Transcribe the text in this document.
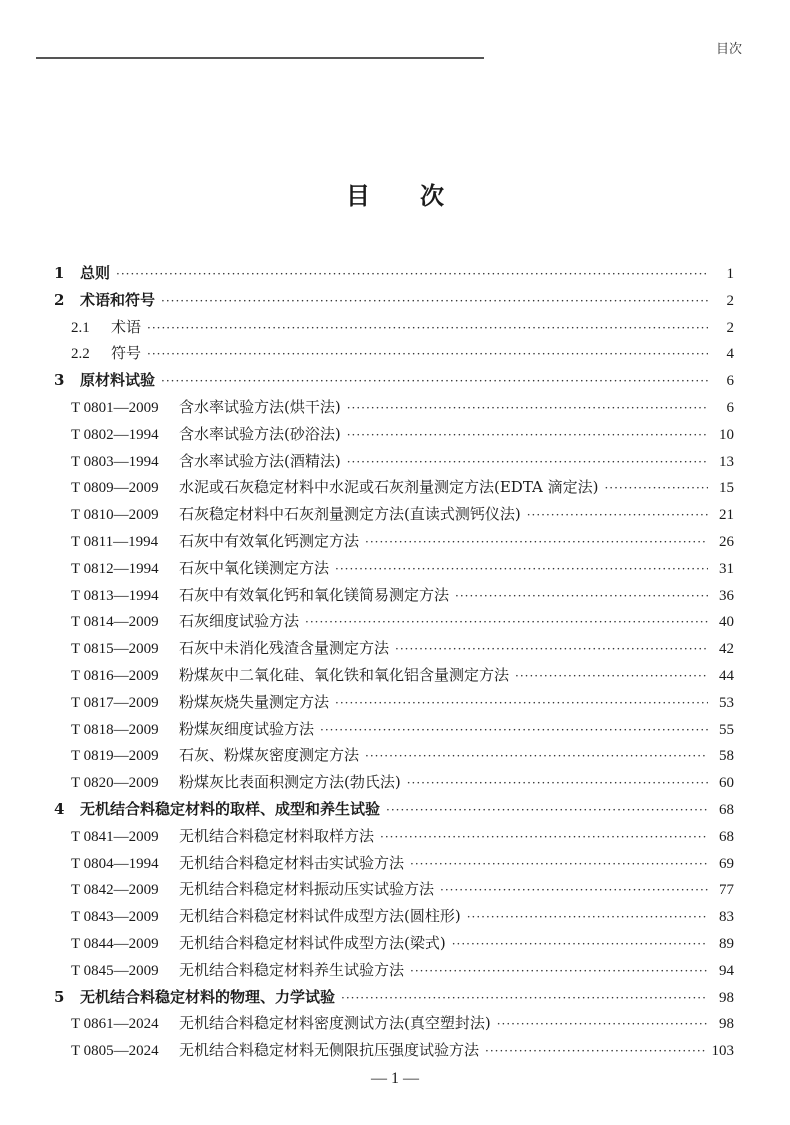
目次
目次
1	总则 ·····	1
2	术语和符号 ·····	2
2.1	术语 ·····	2
2.2	符号 ·····	4
3	原材料试验 ·····	6
T 0801—2009	含水率试验方法(烘干法) ·····	6
T 0802—1994	含水率试验方法(砂浴法) ·····	10
T 0803—1994	含水率试验方法(酒精法) ·····	13
T 0809—2009	水泥或石灰稳定材料中水泥或石灰剂量测定方法(EDTA 滴定法) ·····	15
T 0810—2009	石灰稳定材料中石灰剂量测定方法(直读式测钙仪法) ·····	21
T 0811—1994	石灰中有效氧化钙测定方法 ·····	26
T 0812—1994	石灰中氧化镁测定方法 ·····	31
T 0813—1994	石灰中有效氧化钙和氧化镁简易测定方法 ·····	36
T 0814—2009	石灰细度试验方法 ·····	40
T 0815—2009	石灰中未消化残渣含量测定方法 ·····	42
T 0816—2009	粉煤灰中二氧化硅、氧化铁和氧化铝含量测定方法 ·····	44
T 0817—2009	粉煤灰烧失量测定方法 ·····	53
T 0818—2009	粉煤灰细度试验方法 ·····	55
T 0819—2009	石灰、粉煤灰密度测定方法 ·····	58
T 0820—2009	粉煤灰比表面积测定方法(勃氏法) ·····	60
4	无机结合料稳定材料的取样、成型和养生试验 ·····	68
T 0841—2009	无机结合料稳定材料取样方法 ·····	68
T 0804—1994	无机结合料稳定材料击实试验方法 ·····	69
T 0842—2009	无机结合料稳定材料振动压实试验方法 ·····	77
T 0843—2009	无机结合料稳定材料试件成型方法(圆柱形) ·····	83
T 0844—2009	无机结合料稳定材料试件成型方法(梁式) ·····	89
T 0845—2009	无机结合料稳定材料养生试验方法 ·····	94
5	无机结合料稳定材料的物理、力学试验 ·····	98
T 0861—2024	无机结合料稳定材料密度测试方法(真空塑封法) ·····	98
T 0805—2024	无机结合料稳定材料无侧限抗压强度试验方法 ·····	103
— 1 —
